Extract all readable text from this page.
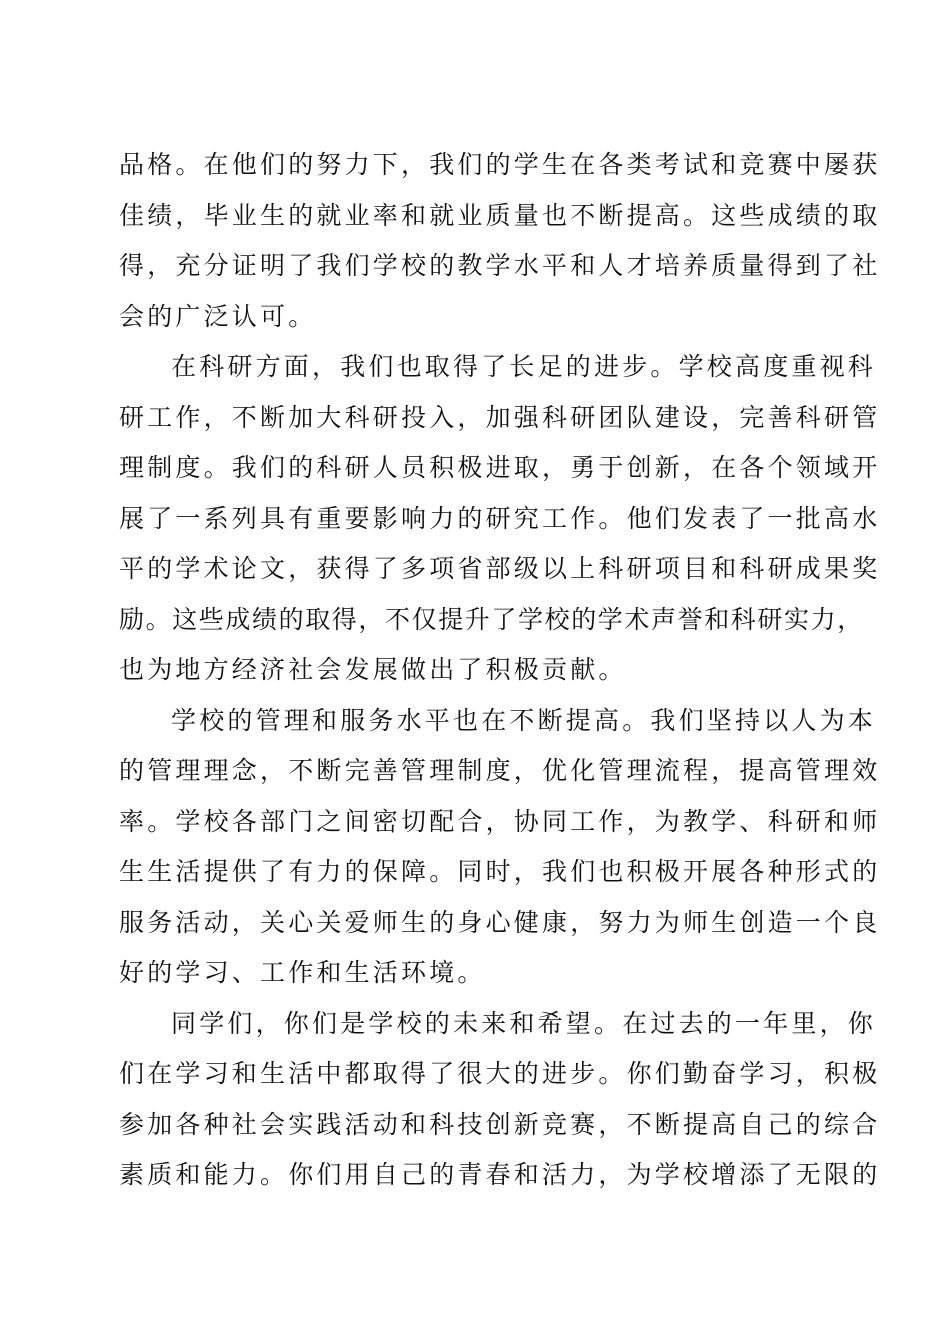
品格。在他们的努力下，我们的学生在各类考试和竞赛中屡获
佳绩，毕业生的就业率和就业质量也不断提高。这些成绩的取
得，充分证明了我们学校的教学水平和人才培养质量得到了社
会的广泛认可。
在科研方面，我们也取得了长足的进步。学校高度重视科
研工作，不断加大科研投入，加强科研团队建设，完善科研管
理制度。我们的科研人员积极进取，勇于创新，在各个领域开
展了一系列具有重要影响力的研究工作。他们发表了一批高水
平的学术论文，获得了多项省部级以上科研项目和科研成果奖
励。这些成绩的取得，不仅提升了学校的学术声誉和科研实力，
也为地方经济社会发展做出了积极贡献。
学校的管理和服务水平也在不断提高。我们坚持以人为本
的管理理念，不断完善管理制度，优化管理流程，提高管理效
率。学校各部门之间密切配合，协同工作，为教学、科研和师
生生活提供了有力的保障。同时，我们也积极开展各种形式的
服务活动，关心关爱师生的身心健康，努力为师生创造一个良
好的学习、工作和生活环境。
同学们，你们是学校的未来和希望。在过去的一年里，你
们在学习和生活中都取得了很大的进步。你们勤奋学习，积极
参加各种社会实践活动和科技创新竞赛，不断提高自己的综合
素质和能力。你们用自己的青春和活力，为学校增添了无限的
